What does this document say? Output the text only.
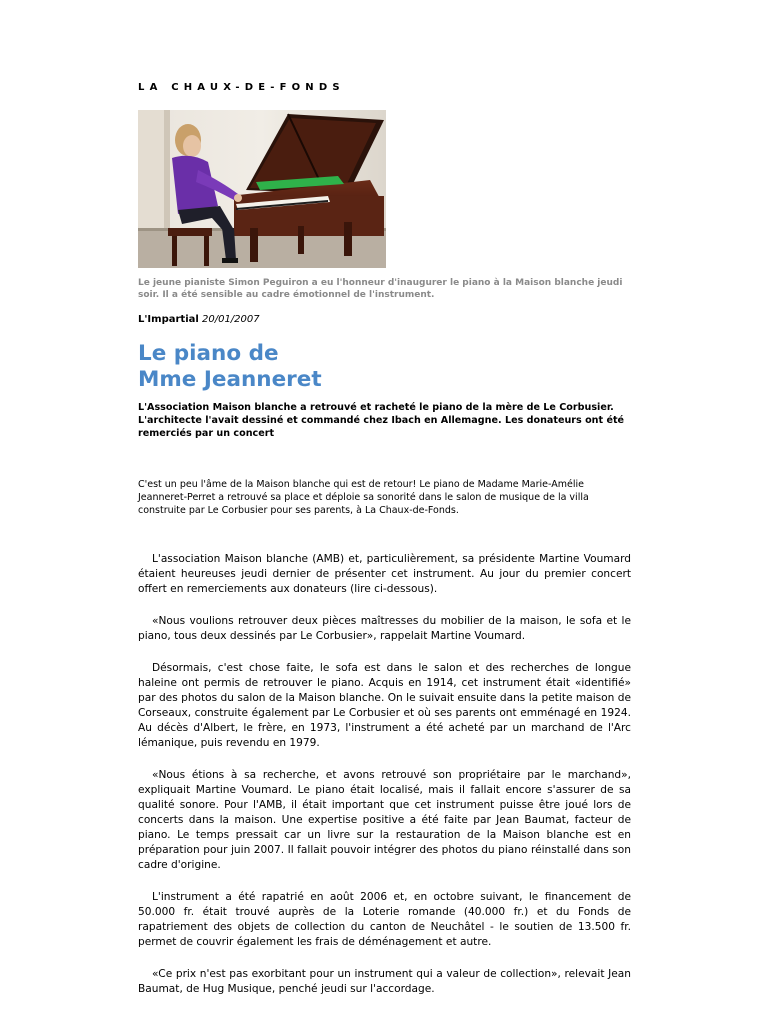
LA CHAUX-DE-FONDS
Le jeune pianiste Simon Peguiron a eu l'honneur d'inaugurer le piano à la Maison blanche jeudi soir. Il a été sensible au cadre émotionnel de l'instrument.
L'Impartial 20/01/2007
Le piano de
Mme Jeanneret
L'Association Maison blanche a retrouvé et racheté le piano de la mère de Le Corbusier. L'architecte l'avait dessiné et commandé chez Ibach en Allemagne. Les donateurs ont été remerciés par un concert
C'est un peu l'âme de la Maison blanche qui est de retour! Le piano de Madame Marie-Amélie Jeanneret-Perret a retrouvé sa place et déploie sa sonorité dans le salon de musique de la villa construite par Le Corbusier pour ses parents, à La Chaux-de-Fonds.

L'association Maison blanche (AMB) et, particulièrement, sa présidente Martine Voumard étaient heureuses jeudi dernier de présenter cet instrument. Au jour du premier concert offert en remerciements aux donateurs (lire ci-dessous).

«Nous voulions retrouver deux pièces maîtresses du mobilier de la maison, le sofa et le piano, tous deux dessinés par Le Corbusier», rappelait Martine Voumard.

Désormais, c'est chose faite, le sofa est dans le salon et des recherches de longue haleine ont permis de retrouver le piano. Acquis en 1914, cet instrument était «identifié» par des photos du salon de la Maison blanche. On le suivait ensuite dans la petite maison de Corseaux, construite également par Le Corbusier et où ses parents ont emménagé en 1924. Au décès d'Albert, le frère, en 1973, l'instrument a été acheté par un marchand de l'Arc lémanique, puis revendu en 1979.

«Nous étions à sa recherche, et avons retrouvé son propriétaire par le marchand», expliquait Martine Voumard. Le piano était localisé, mais il fallait encore s'assurer de sa qualité sonore. Pour l'AMB, il était important que cet instrument puisse être joué lors de concerts dans la maison. Une expertise positive a été faite par Jean Baumat, facteur de piano. Le temps pressait car un livre sur la restauration de la Maison blanche est en préparation pour juin 2007. Il fallait pouvoir intégrer des photos du piano réinstallé dans son cadre d'origine.

L'instrument a été rapatrié en août 2006 et, en octobre suivant, le financement de 50.000 fr. était trouvé auprès de la Loterie romande (40.000 fr.) et du Fonds de rapatriement des objets de collection du canton de Neuchâtel - le soutien de 13.500 fr. permet de couvrir également les frais de déménagement et autre.

«Ce prix n'est pas exorbitant pour un instrument qui a valeur de collection», relevait Jean Baumat, de Hug Musique, penché jeudi sur l'accordage.
